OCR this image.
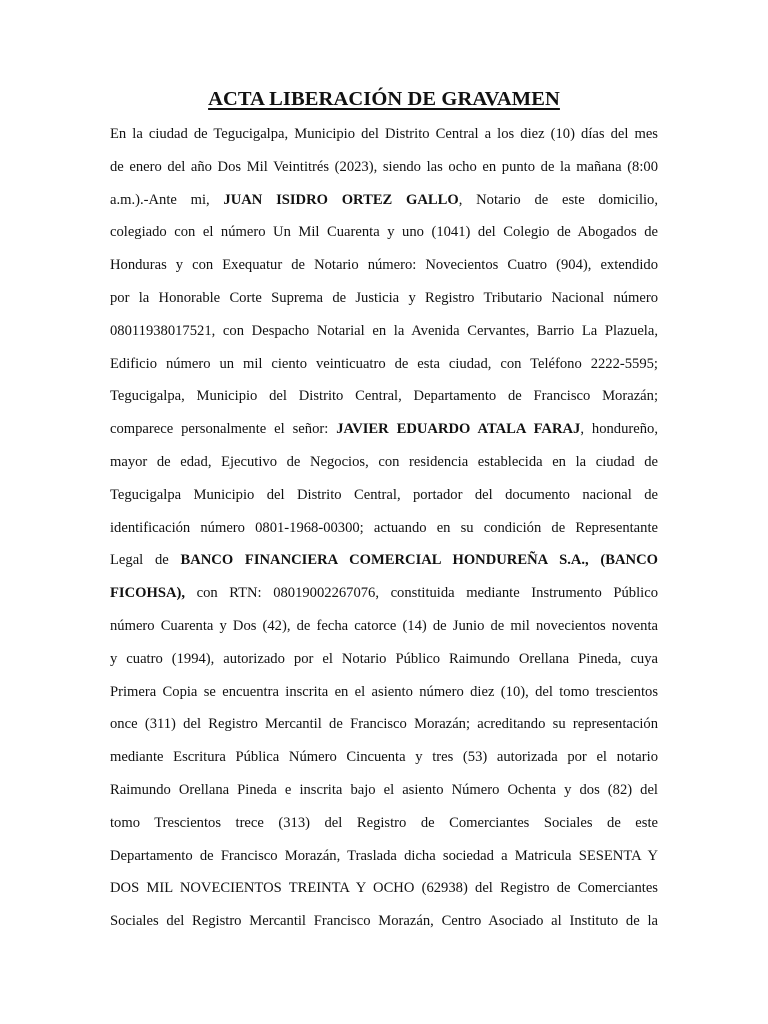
ACTA LIBERACIÓN DE GRAVAMEN
En la ciudad de Tegucigalpa, Municipio del Distrito Central a los diez (10) días del mes
de enero del año Dos Mil Veintitrés (2023), siendo las ocho en punto de la mañana (8:00
a.m.).-Ante mi, JUAN ISIDRO ORTEZ GALLO, Notario de este domicilio,
colegiado con el número Un Mil Cuarenta y uno (1041) del Colegio de Abogados de
Honduras y con Exequatur de Notario número: Novecientos Cuatro (904), extendido
por la Honorable Corte Suprema de Justicia y Registro Tributario Nacional número
08011938017521, con Despacho Notarial en la Avenida Cervantes, Barrio La Plazuela,
Edificio número un mil ciento veinticuatro de esta ciudad, con Teléfono 2222-5595;
Tegucigalpa, Municipio del Distrito Central, Departamento de Francisco Morazán;
comparece personalmente el señor: JAVIER EDUARDO ATALA FARAJ, hondureño,
mayor de edad, Ejecutivo de Negocios, con residencia establecida en la ciudad de
Tegucigalpa Municipio del Distrito Central, portador del documento nacional de
identificación número 0801-1968-00300; actuando en su condición de Representante
Legal de BANCO FINANCIERA COMERCIAL HONDUREÑA S.A., (BANCO
FICOHSA), con RTN: 08019002267076, constituida mediante Instrumento Público
número Cuarenta y Dos (42), de fecha catorce (14) de Junio de mil novecientos noventa
y cuatro (1994), autorizado por el Notario Público Raimundo Orellana Pineda, cuya
Primera Copia se encuentra inscrita en el asiento número diez (10), del tomo trescientos
once (311) del Registro Mercantil de Francisco Morazán; acreditando su representación
mediante Escritura Pública Número Cincuenta y tres (53) autorizada por el notario
Raimundo Orellana Pineda e inscrita bajo el asiento Número Ochenta y dos (82) del
tomo Trescientos trece (313) del Registro de Comerciantes Sociales de este
Departamento de Francisco Morazán, Traslada dicha sociedad a Matricula SESENTA Y
DOS MIL NOVECIENTOS TREINTA Y OCHO (62938) del Registro de Comerciantes
Sociales del Registro Mercantil Francisco Morazán, Centro Asociado al Instituto de la
